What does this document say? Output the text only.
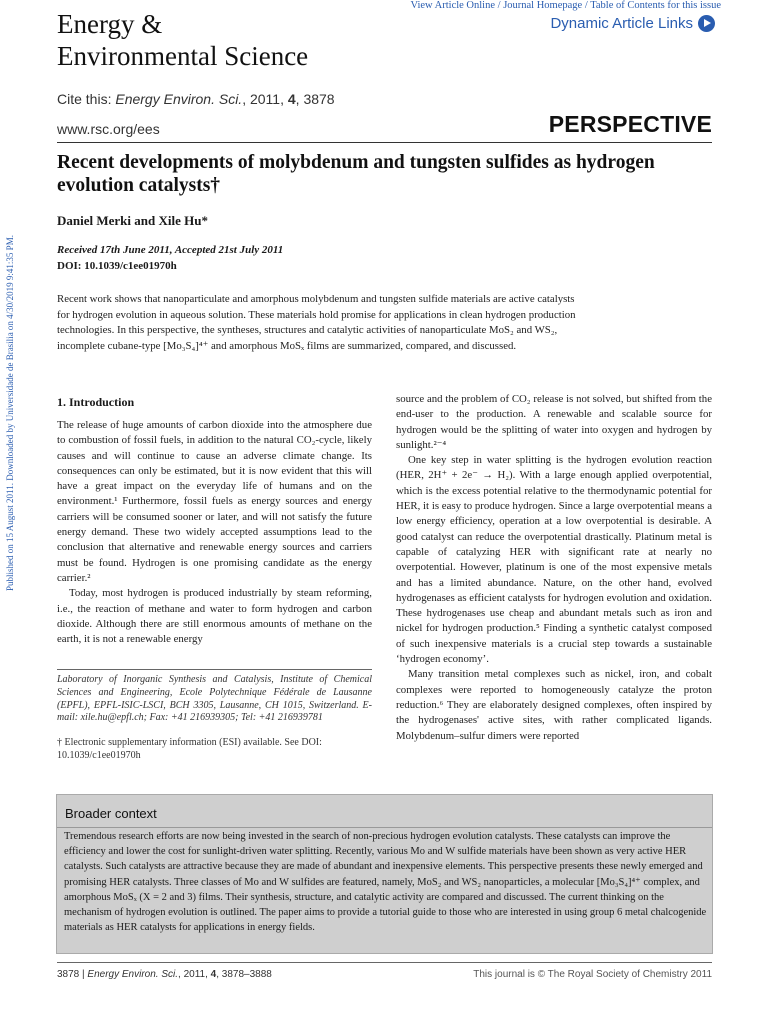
View Article Online / Journal Homepage / Table of Contents for this issue
Dynamic Article Links
Energy &
Environmental Science
Cite this: Energy Environ. Sci., 2011, 4, 3878
www.rsc.org/ees	PERSPECTIVE
Recent developments of molybdenum and tungsten sulfides as hydrogen evolution catalysts†
Daniel Merki and Xile Hu*
Received 17th June 2011, Accepted 21st July 2011
DOI: 10.1039/c1ee01970h
Recent work shows that nanoparticulate and amorphous molybdenum and tungsten sulfide materials are active catalysts for hydrogen evolution in aqueous solution. These materials hold promise for applications in clean hydrogen production technologies. In this perspective, the syntheses, structures and catalytic activities of nanoparticulate MoS₂ and WS₂, incomplete cubane-type [Mo₃S₄]⁴⁺ and amorphous MoSₓ films are summarized, compared, and discussed.
Published on 15 August 2011. Downloaded by Universidade de Brasilia on 4/30/2019 9:41:35 PM.	1. Introduction

The release of huge amounts of carbon dioxide into the atmosphere due to combustion of fossil fuels, in addition to the natural CO₂-cycle, likely causes and will continue to cause an adverse climate change. Its consequences can only be estimated, but it is now evident that this will have a great impact on the everyday life of humans and on the environment.¹ Furthermore, fossil fuels as energy sources and energy carriers will be consumed sooner or later, and will not satisfy the future energy demand. These two widely accepted assumptions lead to the conclusion that alternative and renewable energy sources and carriers must be found. Hydrogen is one promising candidate as the energy carrier.²

Today, most hydrogen is produced industrially by steam reforming, i.e., the reaction of methane and water to form hydrogen and carbon dioxide. Although there are still enormous amounts of methane on the earth, it is not a renewable energy

Laboratory of Inorganic Synthesis and Catalysis, Institute of Chemical Sciences and Engineering, Ecole Polytechnique Fédérale de Lausanne (EPFL), EPFL-ISIC-LSCI, BCH 3305, Lausanne, CH 1015, Switzerland. E-mail: xile.hu@epfl.ch; Fax: +41 216939305; Tel: +41 216939781
† Electronic supplementary information (ESI) available. See DOI: 10.1039/c1ee01970h

source and the problem of CO₂ release is not solved, but shifted from the end-user to the production. A renewable and scalable source for hydrogen would be the splitting of water into oxygen and hydrogen by sunlight.²⁻⁴

One key step in water splitting is the hydrogen evolution reaction (HER, 2H⁺ + 2e⁻ → H₂). With a large enough applied overpotential, which is the excess potential relative to the thermodynamic potential for HER, it is easy to produce hydrogen. Since a large overpotential means a low energy efficiency, operation at a low overpotential is desirable. A good catalyst can reduce the overpotential drastically. Platinum metal is capable of catalyzing HER with significant rate at nearly no overpotential. However, platinum is one of the most expensive metals and has a limited abundance. Nature, on the other hand, evolved hydrogenases as efficient catalysts for hydrogen evolution and oxidation. These hydrogenases use cheap and abundant metals such as iron and nickel for hydrogen production.⁵ Finding a synthetic catalyst composed of such inexpensive materials is a crucial step towards a sustainable ‘hydrogen economy’.

Many transition metal complexes such as nickel, iron, and cobalt complexes were reported to homogeneously catalyze the proton reduction.⁶ They are elaborately designed complexes, often inspired by the hydrogenases' active sites, with rather complicated ligands. Molybdenum–sulfur dimers were reported

Broader context
Tremendous research efforts are now being invested in the search of non-precious hydrogen evolution catalysts. These catalysts can improve the efficiency and lower the cost for sunlight-driven water splitting. Recently, various Mo and W sulfide materials have been shown as very active HER catalysts. Such catalysts are attractive because they are made of abundant and inexpensive elements. This perspective presents these newly emerged and promising HER catalysts. Three classes of Mo and W sulfides are featured, namely, MoS₂ and WS₂ nanoparticles, a molecular [Mo₃S₄]⁴⁺ complex, and amorphous MoSₓ (X = 2 and 3) films. Their synthesis, structure, and catalytic activity are compared and discussed. The current thinking on the mechanism of hydrogen evolution is outlined. The paper aims to provide a tutorial guide to those who are interested in using group 6 metal chalcogenide materials as HER catalysts for applications in energy fields.
3878 | Energy Environ. Sci., 2011, 4, 3878–3888	This journal is © The Royal Society of Chemistry 2011
